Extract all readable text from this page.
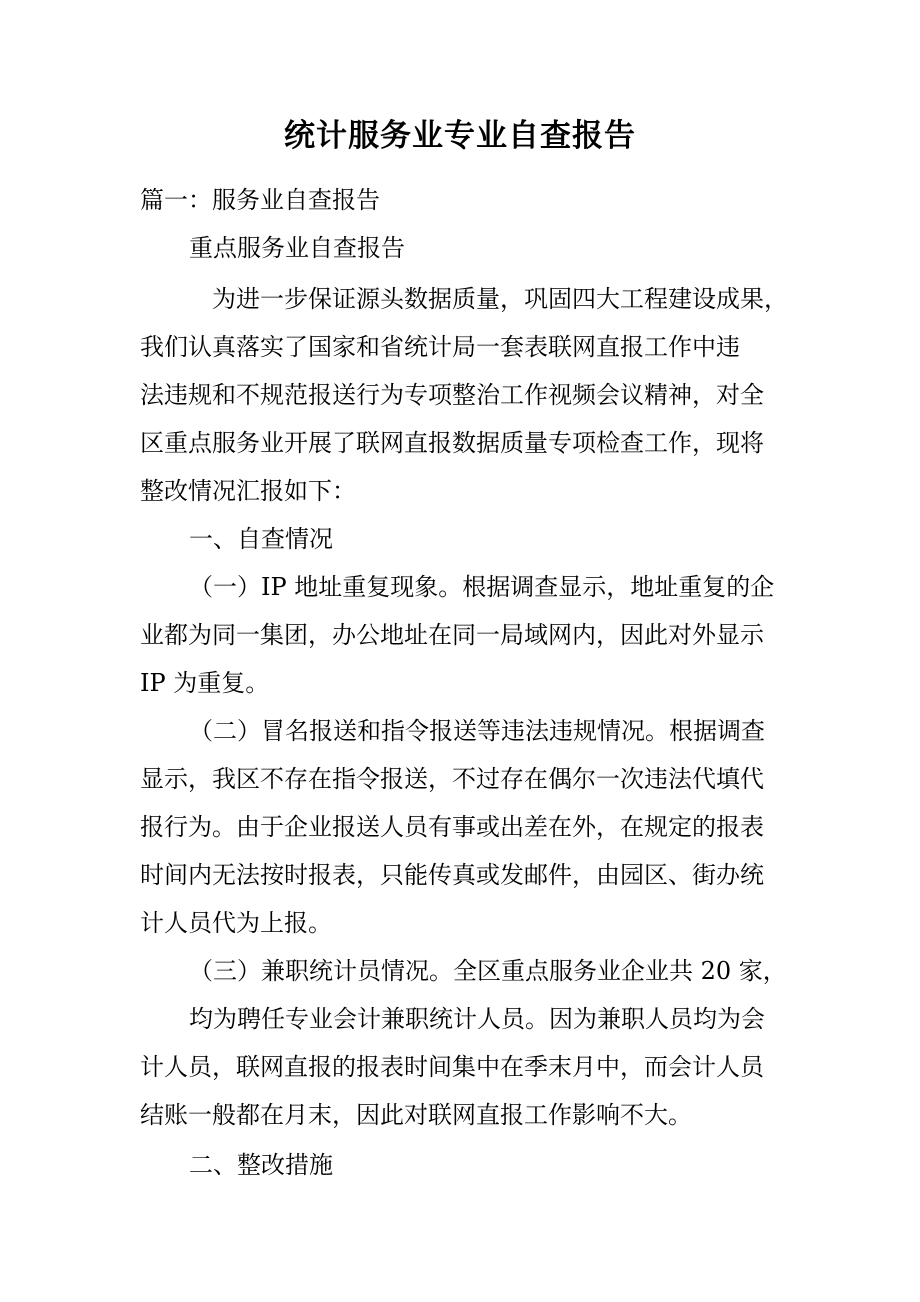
统计服务业专业自查报告
篇一：服务业自查报告
重点服务业自查报告
为进一步保证源头数据质量，巩固四大工程建设成果，
我们认真落实了国家和省统计局一套表联网直报工作中违
法违规和不规范报送行为专项整治工作视频会议精神，对全
区重点服务业开展了联网直报数据质量专项检查工作，现将
整改情况汇报如下：
一、自查情况
（一）IP 地址重复现象。根据调查显示，地址重复的企
业都为同一集团，办公地址在同一局域网内，因此对外显示
IP 为重复。
（二）冒名报送和指令报送等违法违规情况。根据调查
显示，我区不存在指令报送，不过存在偶尔一次违法代填代
报行为。由于企业报送人员有事或出差在外，在规定的报表
时间内无法按时报表，只能传真或发邮件，由园区、街办统
计人员代为上报。
（三）兼职统计员情况。全区重点服务业企业共 20 家，
均为聘任专业会计兼职统计人员。因为兼职人员均为会
计人员，联网直报的报表时间集中在季末月中，而会计人员
结账一般都在月末，因此对联网直报工作影响不大。
二、整改措施
